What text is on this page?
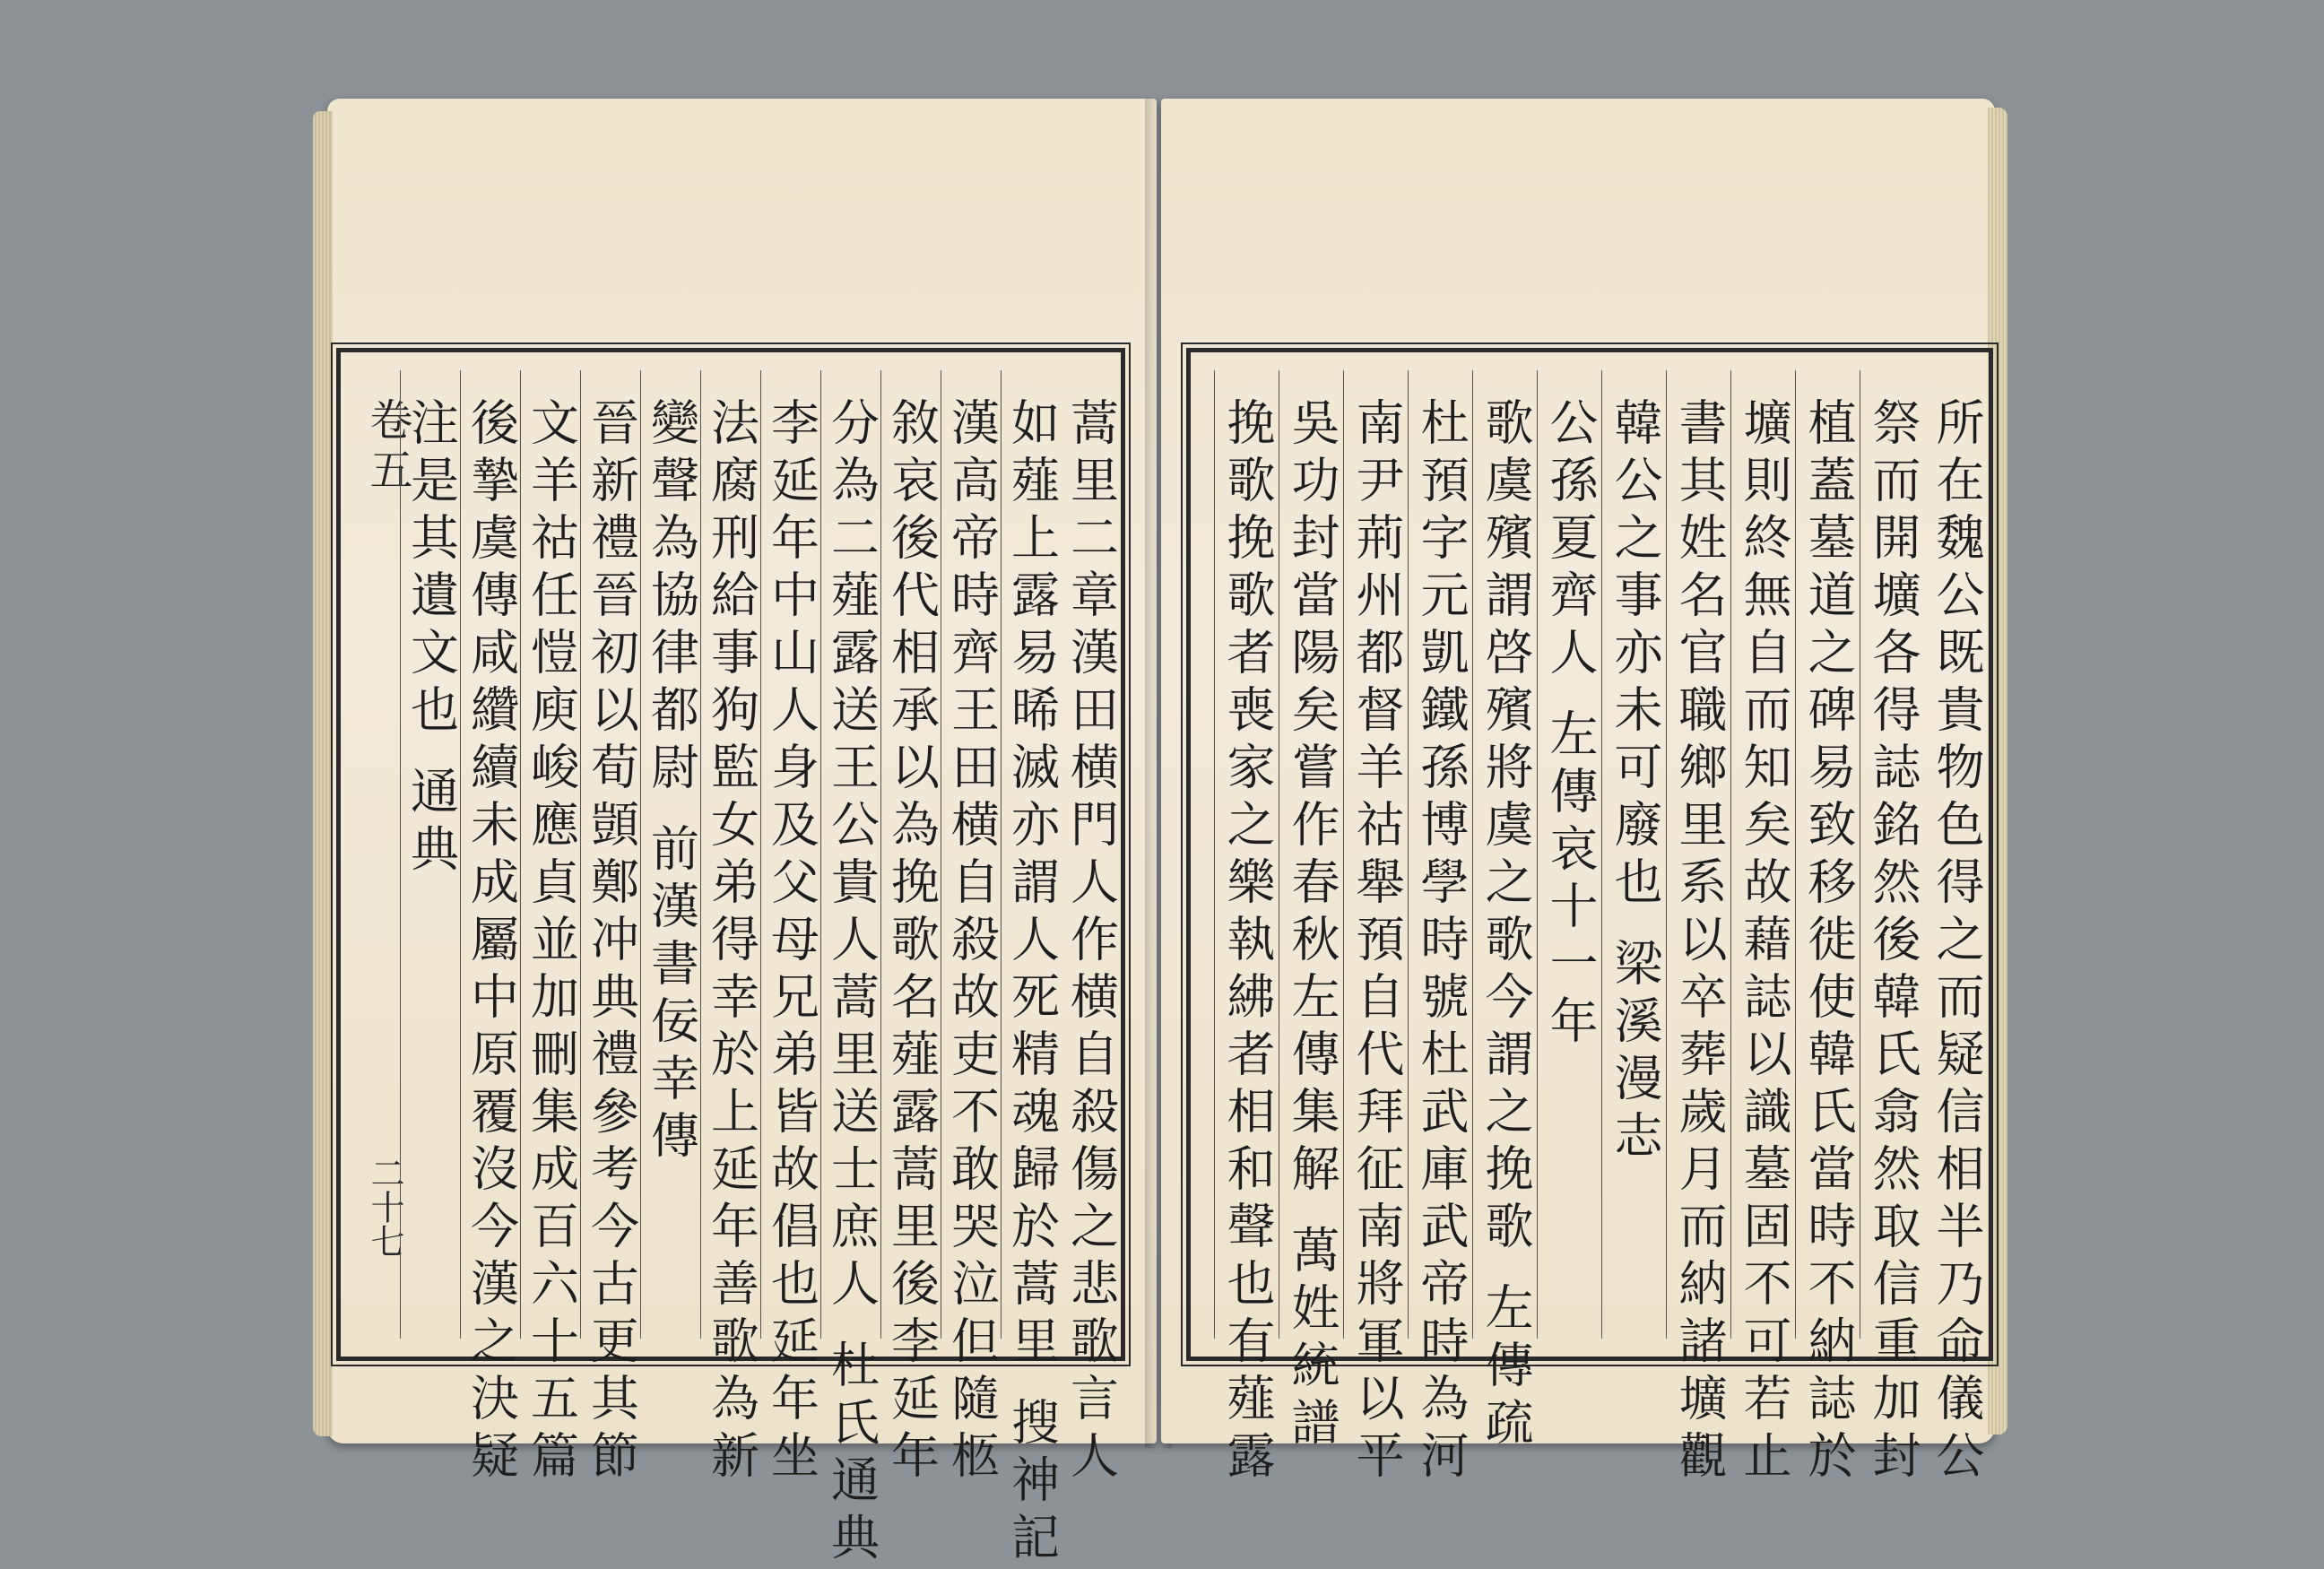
卷五
二十七	蒿里二章漢田横門人作横自殺傷之悲歌言人
如薤上露易晞滅亦謂人死精魂歸於蒿里 搜神記
漢高帝時齊王田横自殺故吏不敢哭泣但隨柩
敘哀後代相承以為挽歌名薤露蒿里後李延年
分為二薤露送王公貴人蒿里送士庶人 杜氏通典
李延年中山人身及父母兄弟皆故倡也延年坐
法腐刑給事狗監女弟得幸於上延年善歌為新
變聲為協律都尉 前漢書佞幸傳
晉新禮晉初以荀顗鄭冲典禮參考今古更其節
文羊祜任愷庾峻應貞並加刪集成百六十五篇
後摯虞傳咸纘續未成屬中原覆沒今漢之決疑
注是其遺文也 通典	所在魏公既貴物色得之而疑信相半乃命儀公
祭而開壙各得誌銘然後韓氏翕然取信重加封
植蓋墓道之碑易致移徙使韓氏當時不納誌於
壙則終無自而知矣故藉誌以識墓固不可若止
書其姓名官職鄉里系以卒葬歲月而納諸壙觀
韓公之事亦未可廢也 梁溪漫志
公孫夏齊人 左傳哀十一年
歌虞殯謂啓殯將虞之歌今謂之挽歌 左傳疏
杜預字元凱鐵孫博學時號杜武庫武帝時為河
南尹荊州都督羊祜舉預自代拜征南將軍以平
吳功封當陽矣嘗作春秋左傳集解 萬姓統譜
挽歌挽歌者喪家之樂執紼者相和聲也有薤露
